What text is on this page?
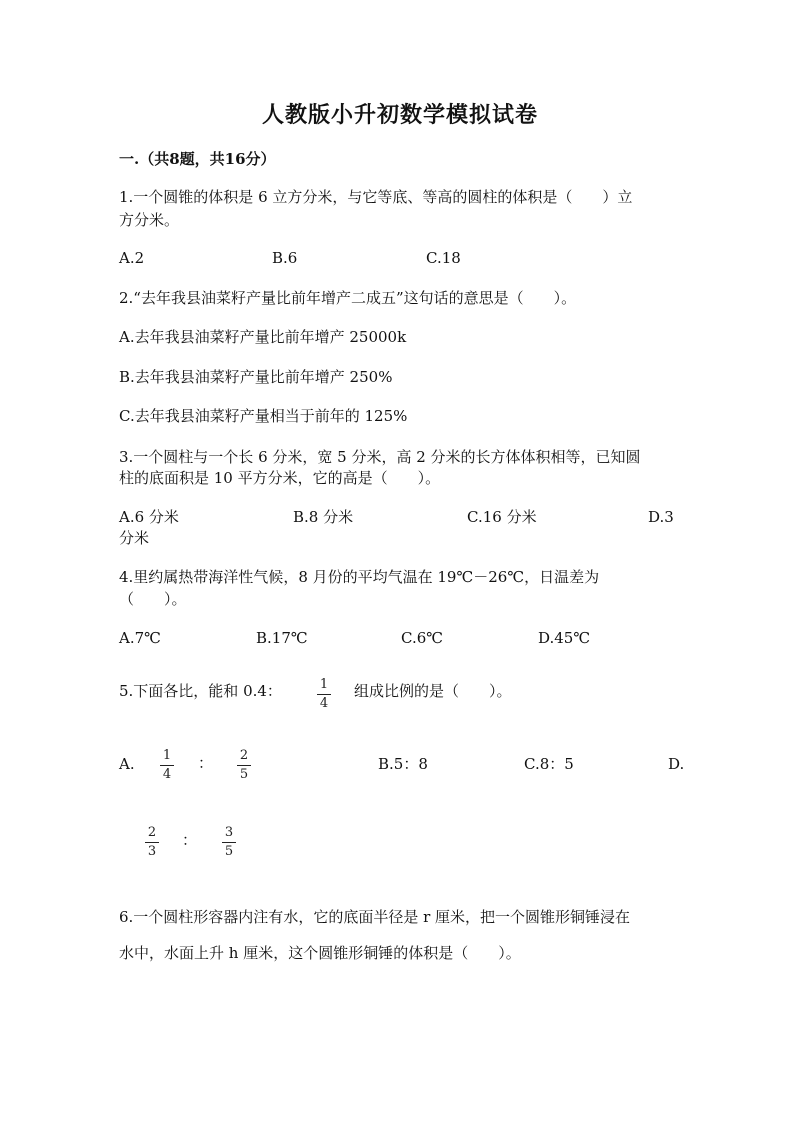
人教版小升初数学模拟试卷
一.（共8题，共16分）
1.一个圆锥的体积是 6 立方分米，与它等底、等高的圆柱的体积是（　　）立
方分米。
A.2	B.6	C.18
2.“去年我县油菜籽产量比前年增产二成五”这句话的意思是（　　）。
A.去年我县油菜籽产量比前年增产 25000k
B.去年我县油菜籽产量比前年增产 250%
C.去年我县油菜籽产量相当于前年的 125%
3.一个圆柱与一个长 6 分米，宽 5 分米，高 2 分米的长方体体积相等，已知圆
柱的底面积是 10 平方分米，它的高是（　　）。
A.6 分米	B.8 分米	C.16 分米	D.3
分米
4.里约属热带海洋性气候，8 月份的平均气温在 19℃－26℃，日温差为
（　　）。
A.7℃	B.17℃	C.6℃	D.45℃
5.下面各比，能和 0.4：	1
4
组成比例的是（　　）。
A.	1
4
：	2
5
B.5：8	C.8：5	D.
2
3
：	3
5
6.一个圆柱形容器内注有水，它的底面半径是 r 厘米，把一个圆锥形铜锤浸在
水中，水面上升 h 厘米，这个圆锥形铜锤的体积是（　　）。
